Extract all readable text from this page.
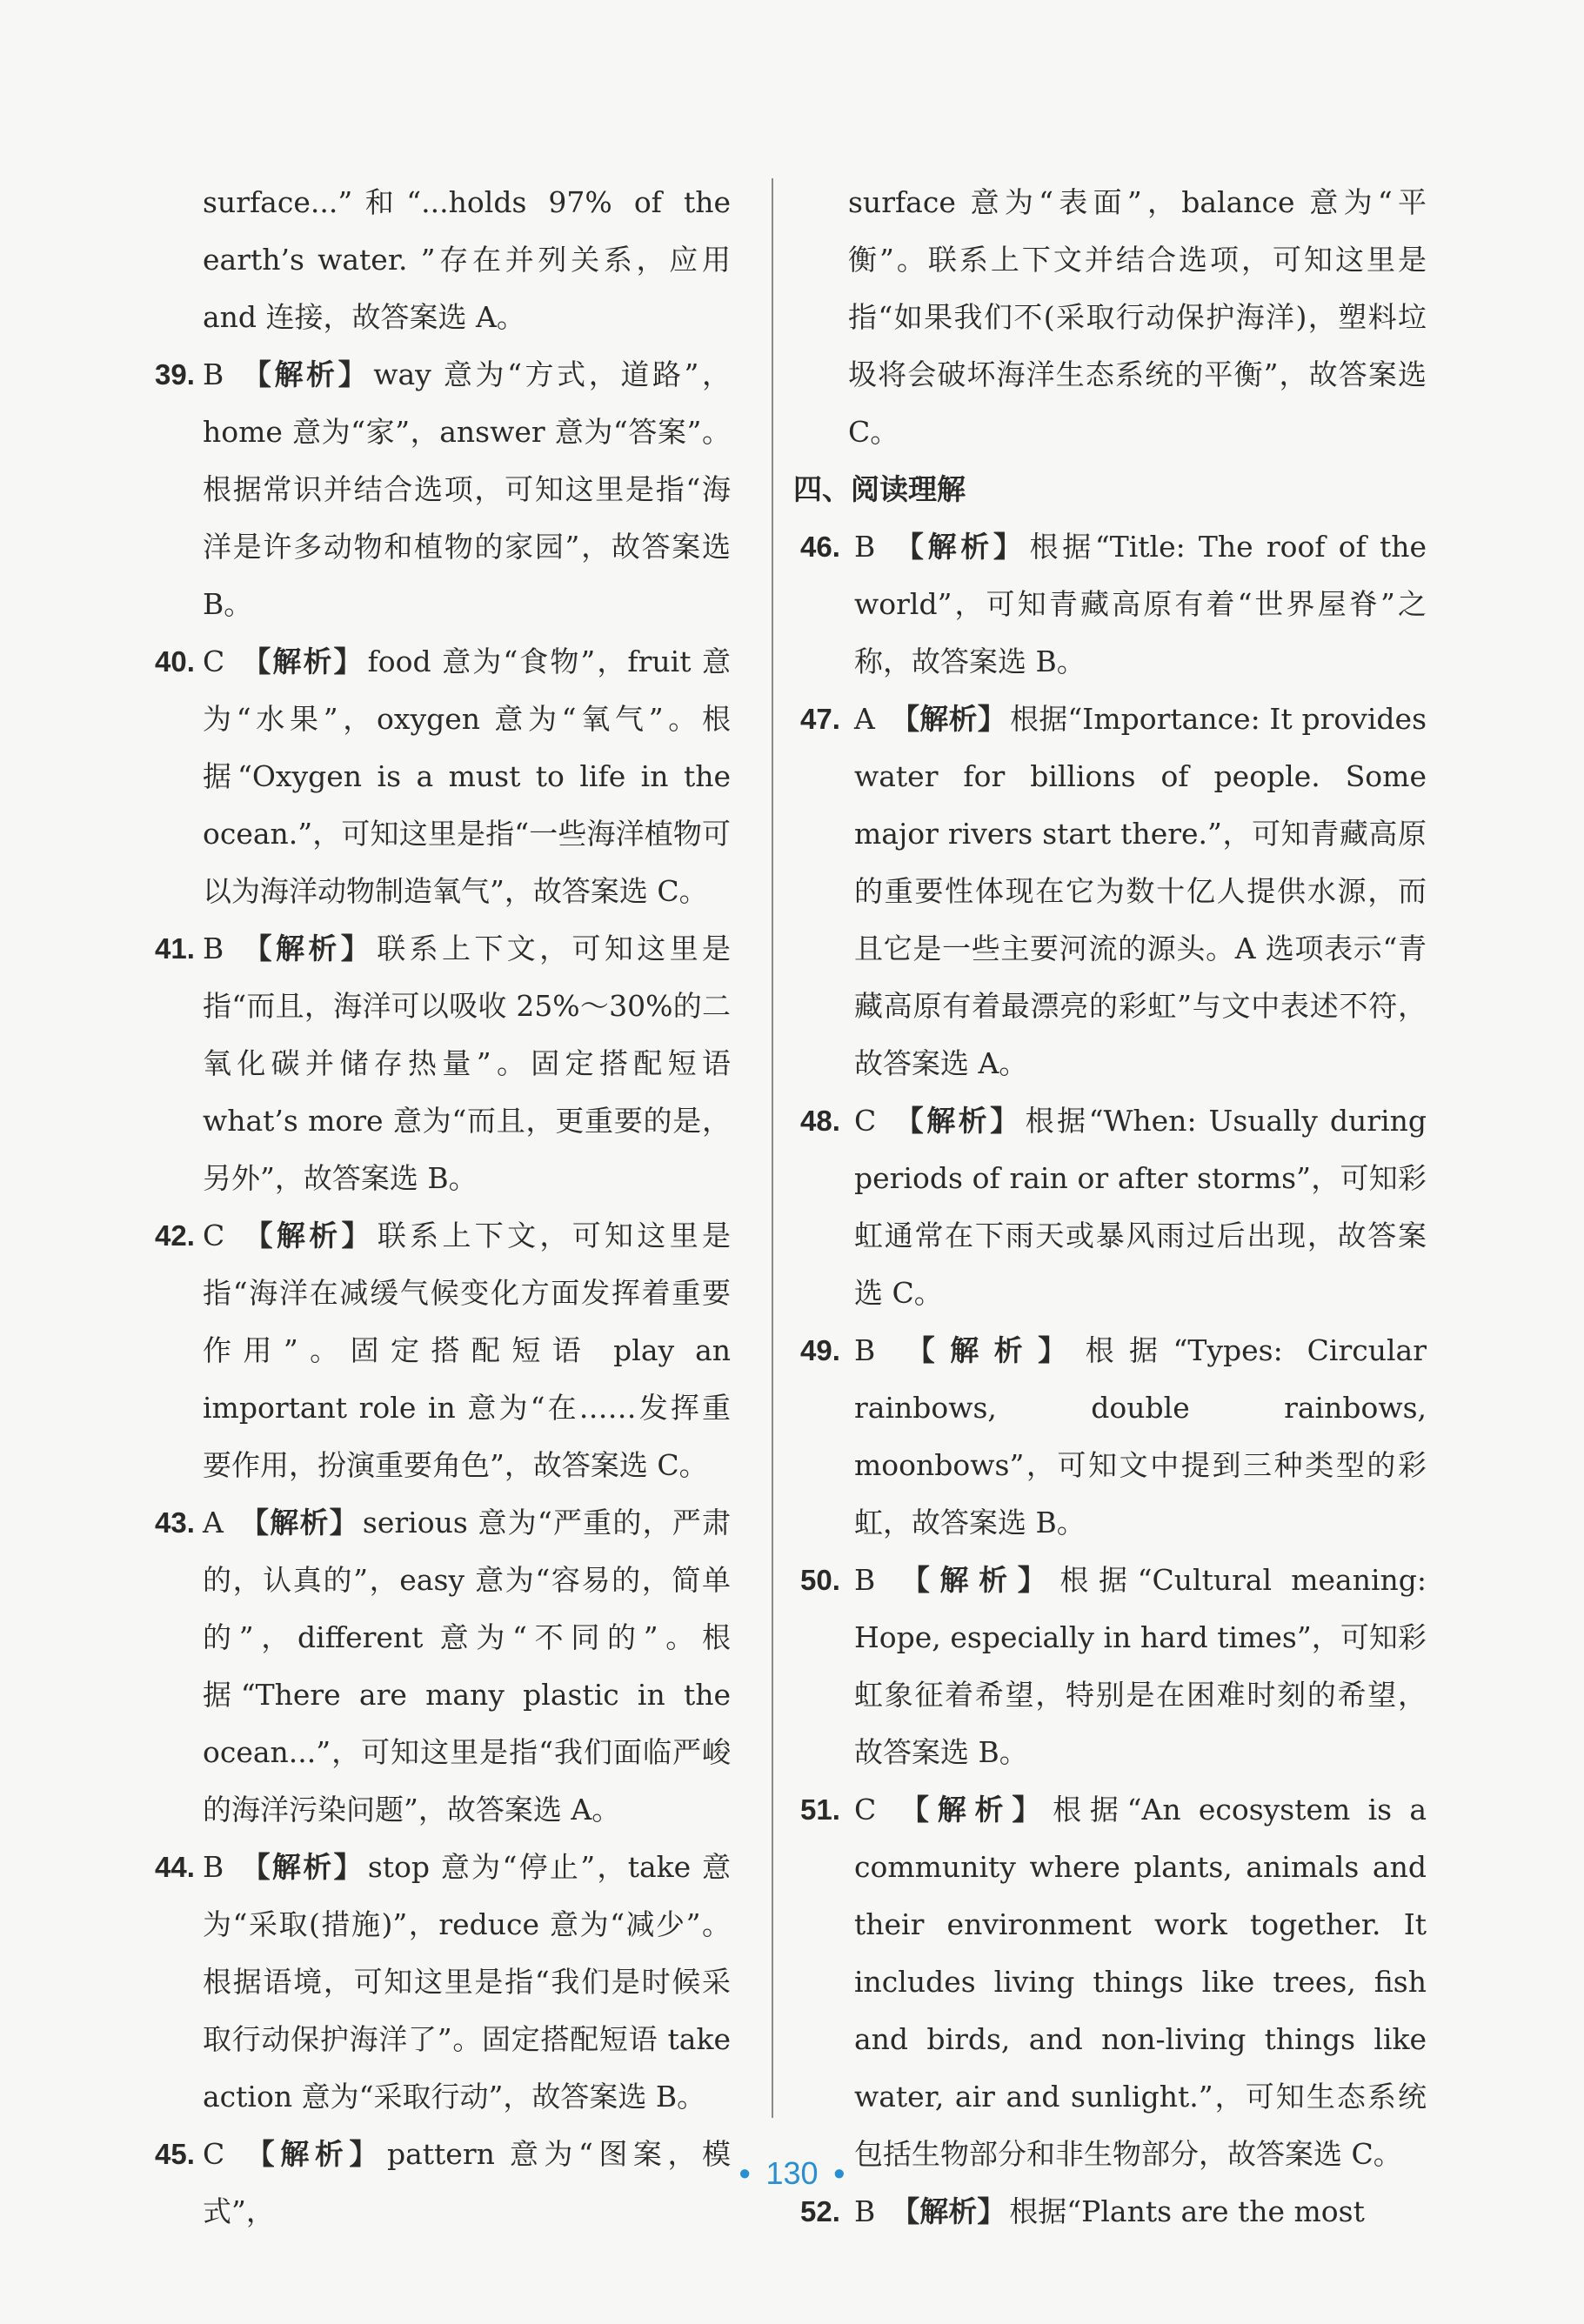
surface...”和“...holds 97% of the earth’s water. ”存在并列关系，应用 and 连接，故答案选 A。
39. B 【解析】 way 意为“方式，道路”，home 意为“家”，answer 意为“答案”。根据常识并结合选项，可知这里是指“海洋是许多动物和植物的家园”，故答案选 B。
40. C 【解析】 food 意为“食物”，fruit 意为“水果”，oxygen 意为“氧气”。根据“Oxygen is a must to life in the ocean.”，可知这里是指“一些海洋植物可以为海洋动物制造氧气”，故答案选 C。
41. B 【解析】 联系上下文，可知这里是指“而且，海洋可以吸收 25%～30%的二氧化碳并储存热量”。固定搭配短语 what’s more 意为“而且，更重要的是，另外”，故答案选 B。
42. C 【解析】 联系上下文，可知这里是指“海洋在减缓气候变化方面发挥着重要作用”。固定搭配短语 play an important role in 意为“在……发挥重要作用，扮演重要角色”，故答案选 C。
43. A 【解析】 serious 意为“严重的，严肃的，认真的”，easy 意为“容易的，简单的”，different 意为“不同的”。根据“There are many plastic in the ocean...”，可知这里是指“我们面临严峻的海洋污染问题”，故答案选 A。
44. B 【解析】 stop 意为“停止”，take 意为“采取(措施)”，reduce 意为“减少”。根据语境，可知这里是指“我们是时候采取行动保护海洋了”。固定搭配短语 take action 意为“采取行动”，故答案选 B。
45. C 【解析】 pattern 意为“图案，模式”，
surface 意为“表面”，balance 意为“平衡”。联系上下文并结合选项，可知这里是指“如果我们不(采取行动保护海洋)，塑料垃圾将会破坏海洋生态系统的平衡”，故答案选 C。
四、阅读理解
46. B 【解析】 根据“Title: The roof of the world”，可知青藏高原有着“世界屋脊”之称，故答案选 B。
47. A 【解析】 根据“Importance: It provides water for billions of people. Some major rivers start there.”，可知青藏高原的重要性体现在它为数十亿人提供水源，而且它是一些主要河流的源头。A 选项表示“青藏高原有着最漂亮的彩虹”与文中表述不符，故答案选 A。
48. C 【解析】 根据“When: Usually during periods of rain or after storms”，可知彩虹通常在下雨天或暴风雨过后出现，故答案选 C。
49. B 【解析】 根据“Types: Circular rainbows, double rainbows, moonbows”，可知文中提到三种类型的彩虹，故答案选 B。
50. B 【解析】 根据“Cultural meaning: Hope, especially in hard times”，可知彩虹象征着希望，特别是在困难时刻的希望，故答案选 B。
51. C 【解析】 根据“An ecosystem is a community where plants, animals and their environment work together. It includes living things like trees, fish and birds, and non-living things like water, air and sunlight.”，可知生态系统包括生物部分和非生物部分，故答案选 C。
52. B 【解析】 根据“Plants are the most
• 130 •
